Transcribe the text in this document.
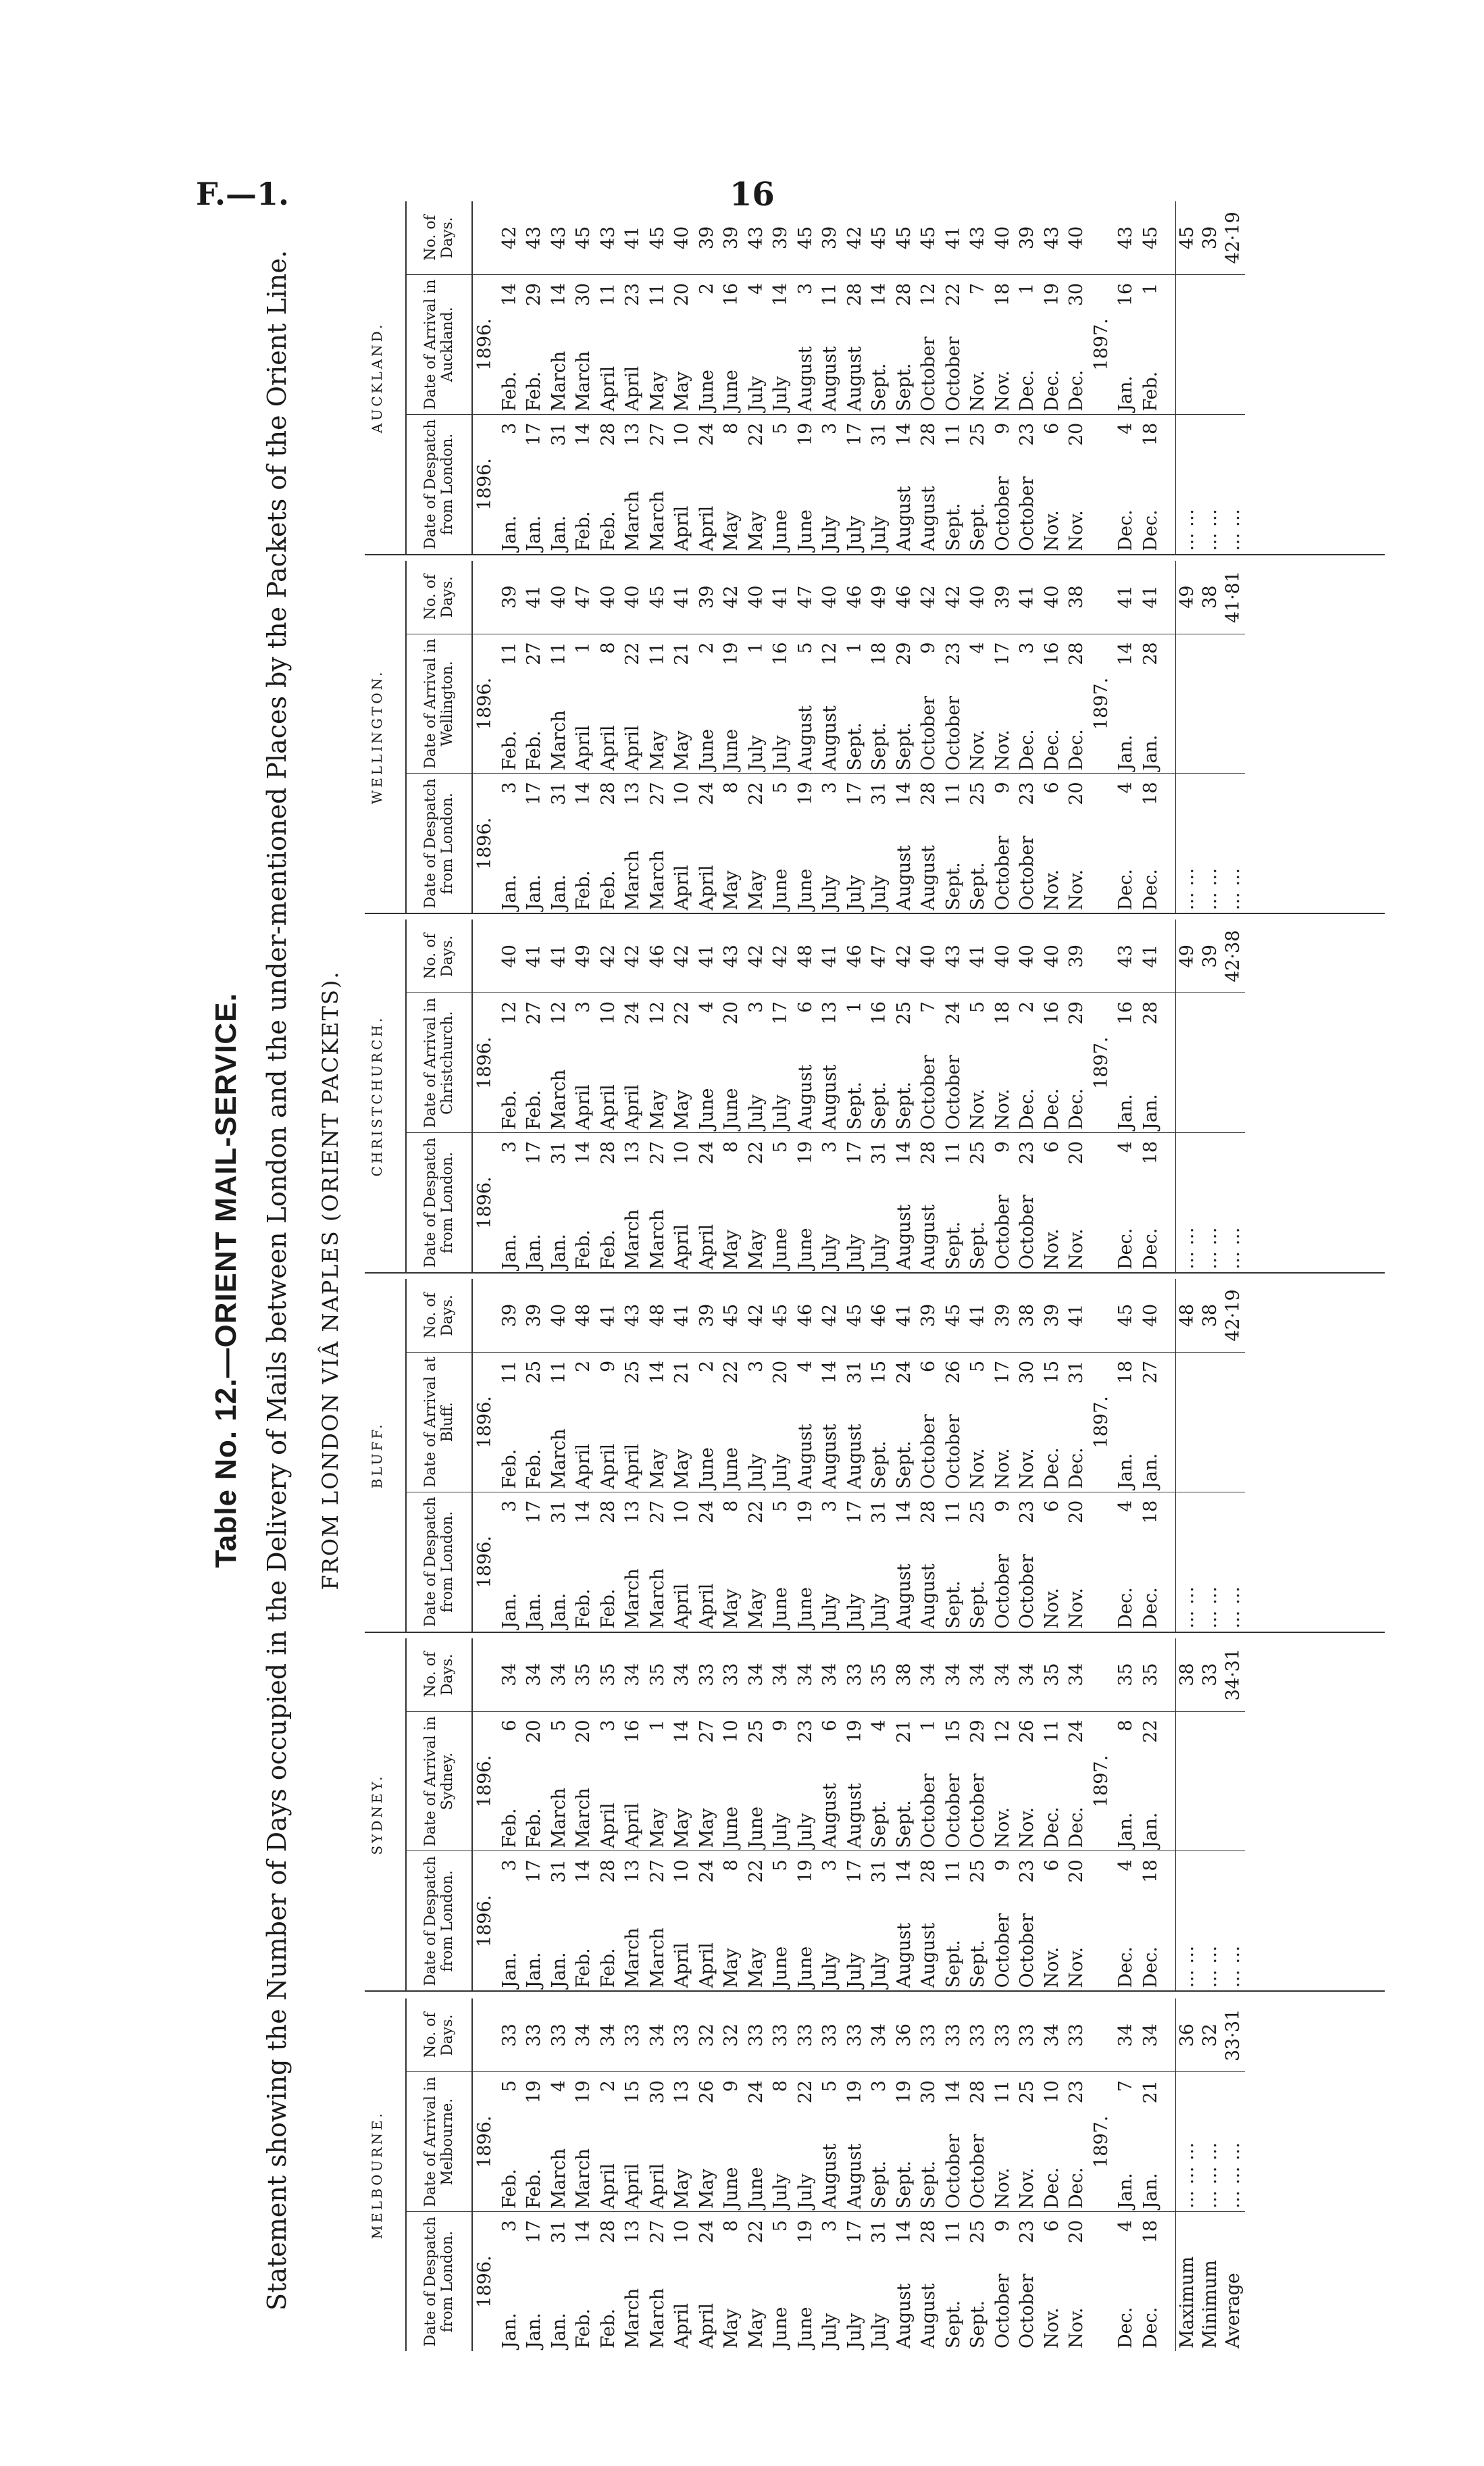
F.—1.	16
Table No. 12.—ORIENT MAIL-SERVICE. Statement showing the Number of Days occupied in the Delivery of Mails between London and the under-mentioned Places by the Packets of the Orient Line. FROM LONDON VIÂ NAPLES (ORIENT PACKETS).
MELBOURNE.
Date of Despatch from London.	Date of Arrival in Melbourne.	No. of Days.
1896.	1896.	
Jan.3	Feb.5	33
Jan.17	Feb.19	33
Jan.31	March4	33
Feb.14	March19	34
Feb.28	April2	34
March13	April15	33
March27	April30	34
April10	May13	33
April24	May26	32
May8	June9	32
May22	June24	33
June5	July8	33
June19	July22	33
July3	August5	33
July17	August19	33
July31	Sept.3	34
August14	Sept.19	36
August28	Sept.30	33
Sept.11	October14	33
Sept.25	October28	33
October9	Nov.11	33
October23	Nov.25	33
Nov.6	Dec.10	34
Nov.20	Dec.23	33
	1897.	
Dec.4	Jan.7	34
Dec.18	Jan.21	34

Maximum	… … …	36
Minimum	… … …	32
Average	… … …	33·31
SYDNEY.
Date of Despatch from London.	Date of Arrival in Sydney.	No. of Days.
1896.	1896.	
Jan.3	Feb.6	34
Jan.17	Feb.20	34
Jan.31	March5	34
Feb.14	March20	35
Feb.28	April3	35
March13	April16	34
March27	May1	35
April10	May14	34
April24	May27	33
May8	June10	33
May22	June25	34
June5	July9	34
June19	July23	34
July3	August6	34
July17	August19	33
July31	Sept.4	35
August14	Sept.21	38
August28	October1	34
Sept.11	October15	34
Sept.25	October29	34
October9	Nov.12	34
October23	Nov.26	34
Nov.6	Dec.11	35
Nov.20	Dec.24	34
	1897.	
Dec.4	Jan.8	35
Dec.18	Jan.22	35

… …		38
… …		33
… …		34·31
BLUFF.
Date of Despatch from London.	Date of Arrival at Bluff.	No. of Days.
1896.	1896.	
Jan.3	Feb.11	39
Jan.17	Feb.25	39
Jan.31	March11	40
Feb.14	April2	48
Feb.28	April9	41
March13	April25	43
March27	May14	48
April10	May21	41
April24	June2	39
May8	June22	45
May22	July3	42
June5	July20	45
June19	August4	46
July3	August14	42
July17	August31	45
July31	Sept.15	46
August14	Sept.24	41
August28	October6	39
Sept.11	October26	45
Sept.25	Nov.5	41
October9	Nov.17	39
October23	Nov.30	38
Nov.6	Dec.15	39
Nov.20	Dec.31	41
	1897.	
Dec.4	Jan.18	45
Dec.18	Jan.27	40

… …		48
… …		38
… …		42·19
CHRISTCHURCH.
Date of Despatch from London.	Date of Arrival in Christchurch.	No. of Days.
1896.	1896.	
Jan.3	Feb.12	40
Jan.17	Feb.27	41
Jan.31	March12	41
Feb.14	April3	49
Feb.28	April10	42
March13	April24	42
March27	May12	46
April10	May22	42
April24	June4	41
May8	June20	43
May22	July3	42
June5	July17	42
June19	August6	48
July3	August13	41
July17	Sept.1	46
July31	Sept.16	47
August14	Sept.25	42
August28	October7	40
Sept.11	October24	43
Sept.25	Nov.5	41
October9	Nov.18	40
October23	Dec.2	40
Nov.6	Dec.16	40
Nov.20	Dec.29	39
	1897.	
Dec.4	Jan.16	43
Dec.18	Jan.28	41

… …		49
… …		39
… …		42·38
WELLINGTON.
Date of Despatch from London.	Date of Arrival in Wellington.	No. of Days.
1896.	1896.	
Jan.3	Feb.11	39
Jan.17	Feb.27	41
Jan.31	March11	40
Feb.14	April1	47
Feb.28	April8	40
March13	April22	40
March27	May11	45
April10	May21	41
April24	June2	39
May8	June19	42
May22	July1	40
June5	July16	41
June19	August5	47
July3	August12	40
July17	Sept.1	46
July31	Sept.18	49
August14	Sept.29	46
August28	October9	42
Sept.11	October23	42
Sept.25	Nov.4	40
October9	Nov.17	39
October23	Dec.3	41
Nov.6	Dec.16	40
Nov.20	Dec.28	38
	1897.	
Dec.4	Jan.14	41
Dec.18	Jan.28	41

… …		49
… …		38
… …		41·81
AUCKLAND.
Date of Despatch from London.	Date of Arrival in Auckland.	No. of Days.
1896.	1896.	
Jan.3	Feb.14	42
Jan.17	Feb.29	43
Jan.31	March14	43
Feb.14	March30	45
Feb.28	April11	43
March13	April23	41
March27	May11	45
April10	May20	40
April24	June2	39
May8	June16	39
May22	July4	43
June5	July14	39
June19	August3	45
July3	August11	39
July17	August28	42
July31	Sept.14	45
August14	Sept.28	45
August28	October12	45
Sept.11	October22	41
Sept.25	Nov.7	43
October9	Nov.18	40
October23	Dec.1	39
Nov.6	Dec.19	43
Nov.20	Dec.30	40
	1897.	
Dec.4	Jan.16	43
Dec.18	Feb.1	45

… …		45
… …		39
… …		42·19
